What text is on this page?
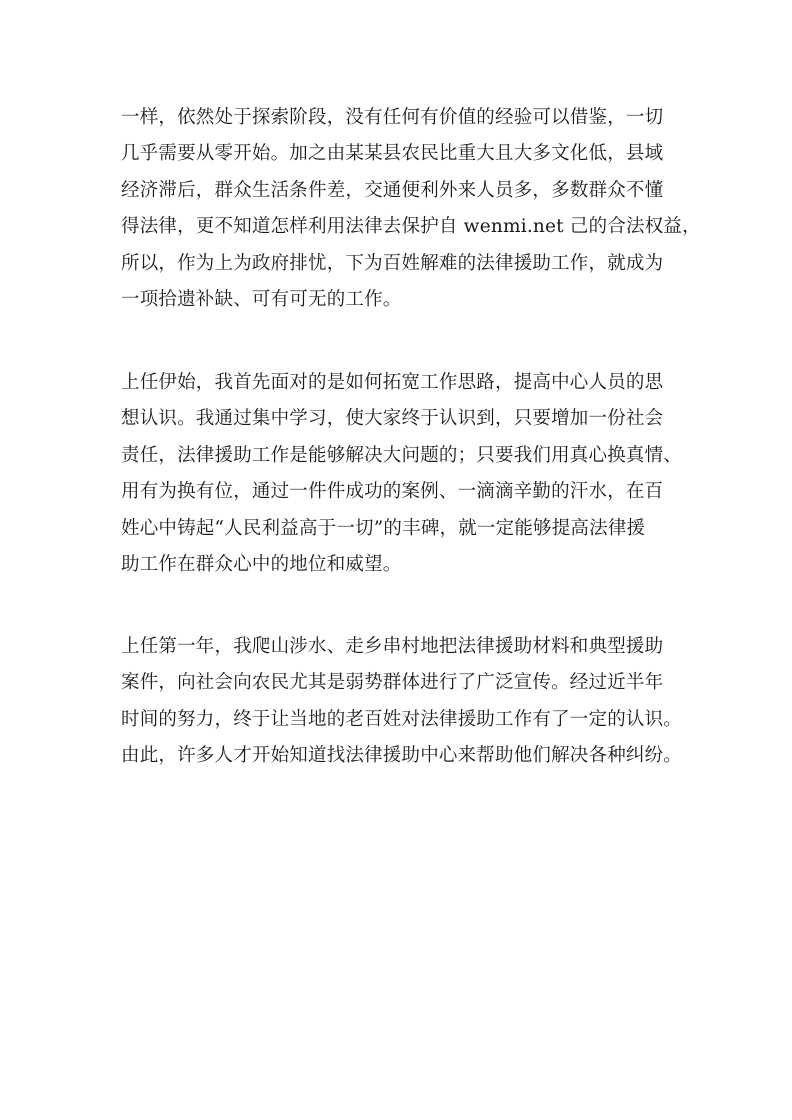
一样，依然处于探索阶段，没有任何有价值的经验可以借鉴，一切
几乎需要从零开始。加之由某某县农民比重大且大多文化低，县域
经济滞后，群众生活条件差，交通便利外来人员多，多数群众不懂
得法律，更不知道怎样利用法律去保护自 wenmi.net 己的合法权益，
所以，作为上为政府排忧，下为百姓解难的法律援助工作，就成为
一项拾遗补缺、可有可无的工作。
上任伊始，我首先面对的是如何拓宽工作思路，提高中心人员的思
想认识。我通过集中学习，使大家终于认识到，只要增加一份社会
责任，法律援助工作是能够解决大问题的；只要我们用真心换真情、
用有为换有位，通过一件件成功的案例、一滴滴辛勤的汗水，在百
姓心中铸起“人民利益高于一切”的丰碑，就一定能够提高法律援
助工作在群众心中的地位和威望。
上任第一年，我爬山涉水、走乡串村地把法律援助材料和典型援助
案件，向社会向农民尤其是弱势群体进行了广泛宣传。经过近半年
时间的努力，终于让当地的老百姓对法律援助工作有了一定的认识。
由此，许多人才开始知道找法律援助中心来帮助他们解决各种纠纷。
